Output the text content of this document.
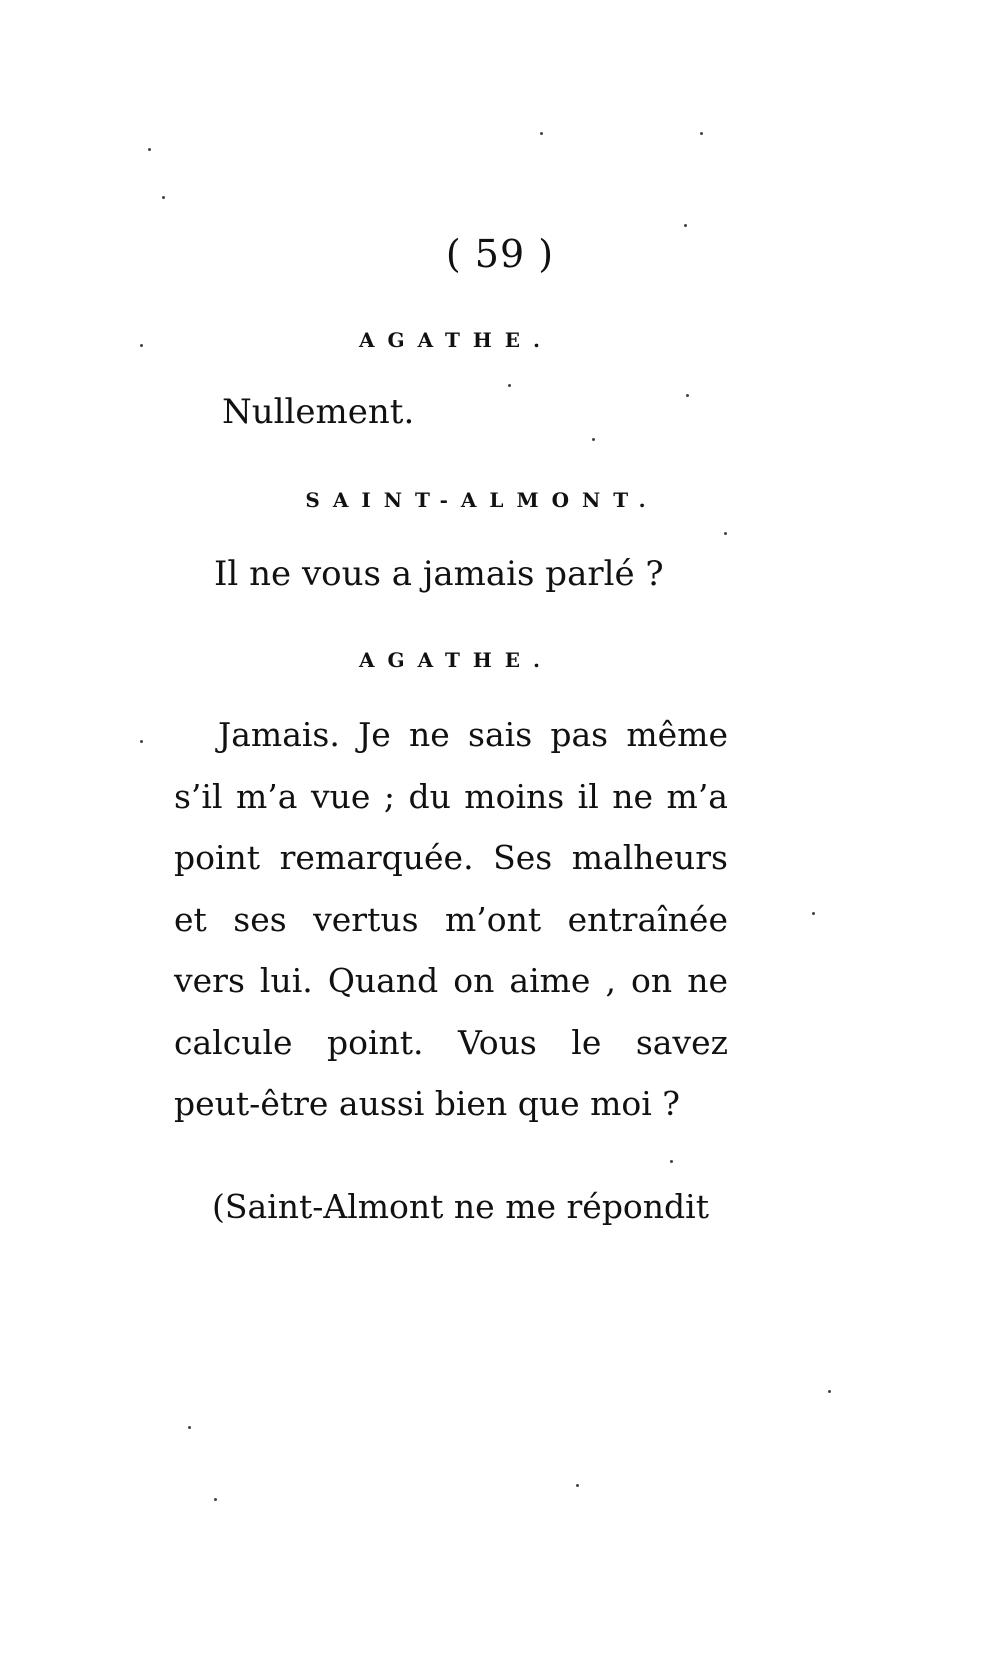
( 59 )
AGATHE.
Nullement.
SAINT-ALMONT.
Il ne vous a jamais parlé ?
AGATHE.
Jamais. Je ne sais pas même s’il m’a vue ; du moins il ne m’a point remarquée. Ses malheurs et ses vertus m’ont entraînée vers lui. Quand on aime , on ne calcule point. Vous le savez peut-être aussi bien que moi ?
(Saint-Almont ne me répondit
